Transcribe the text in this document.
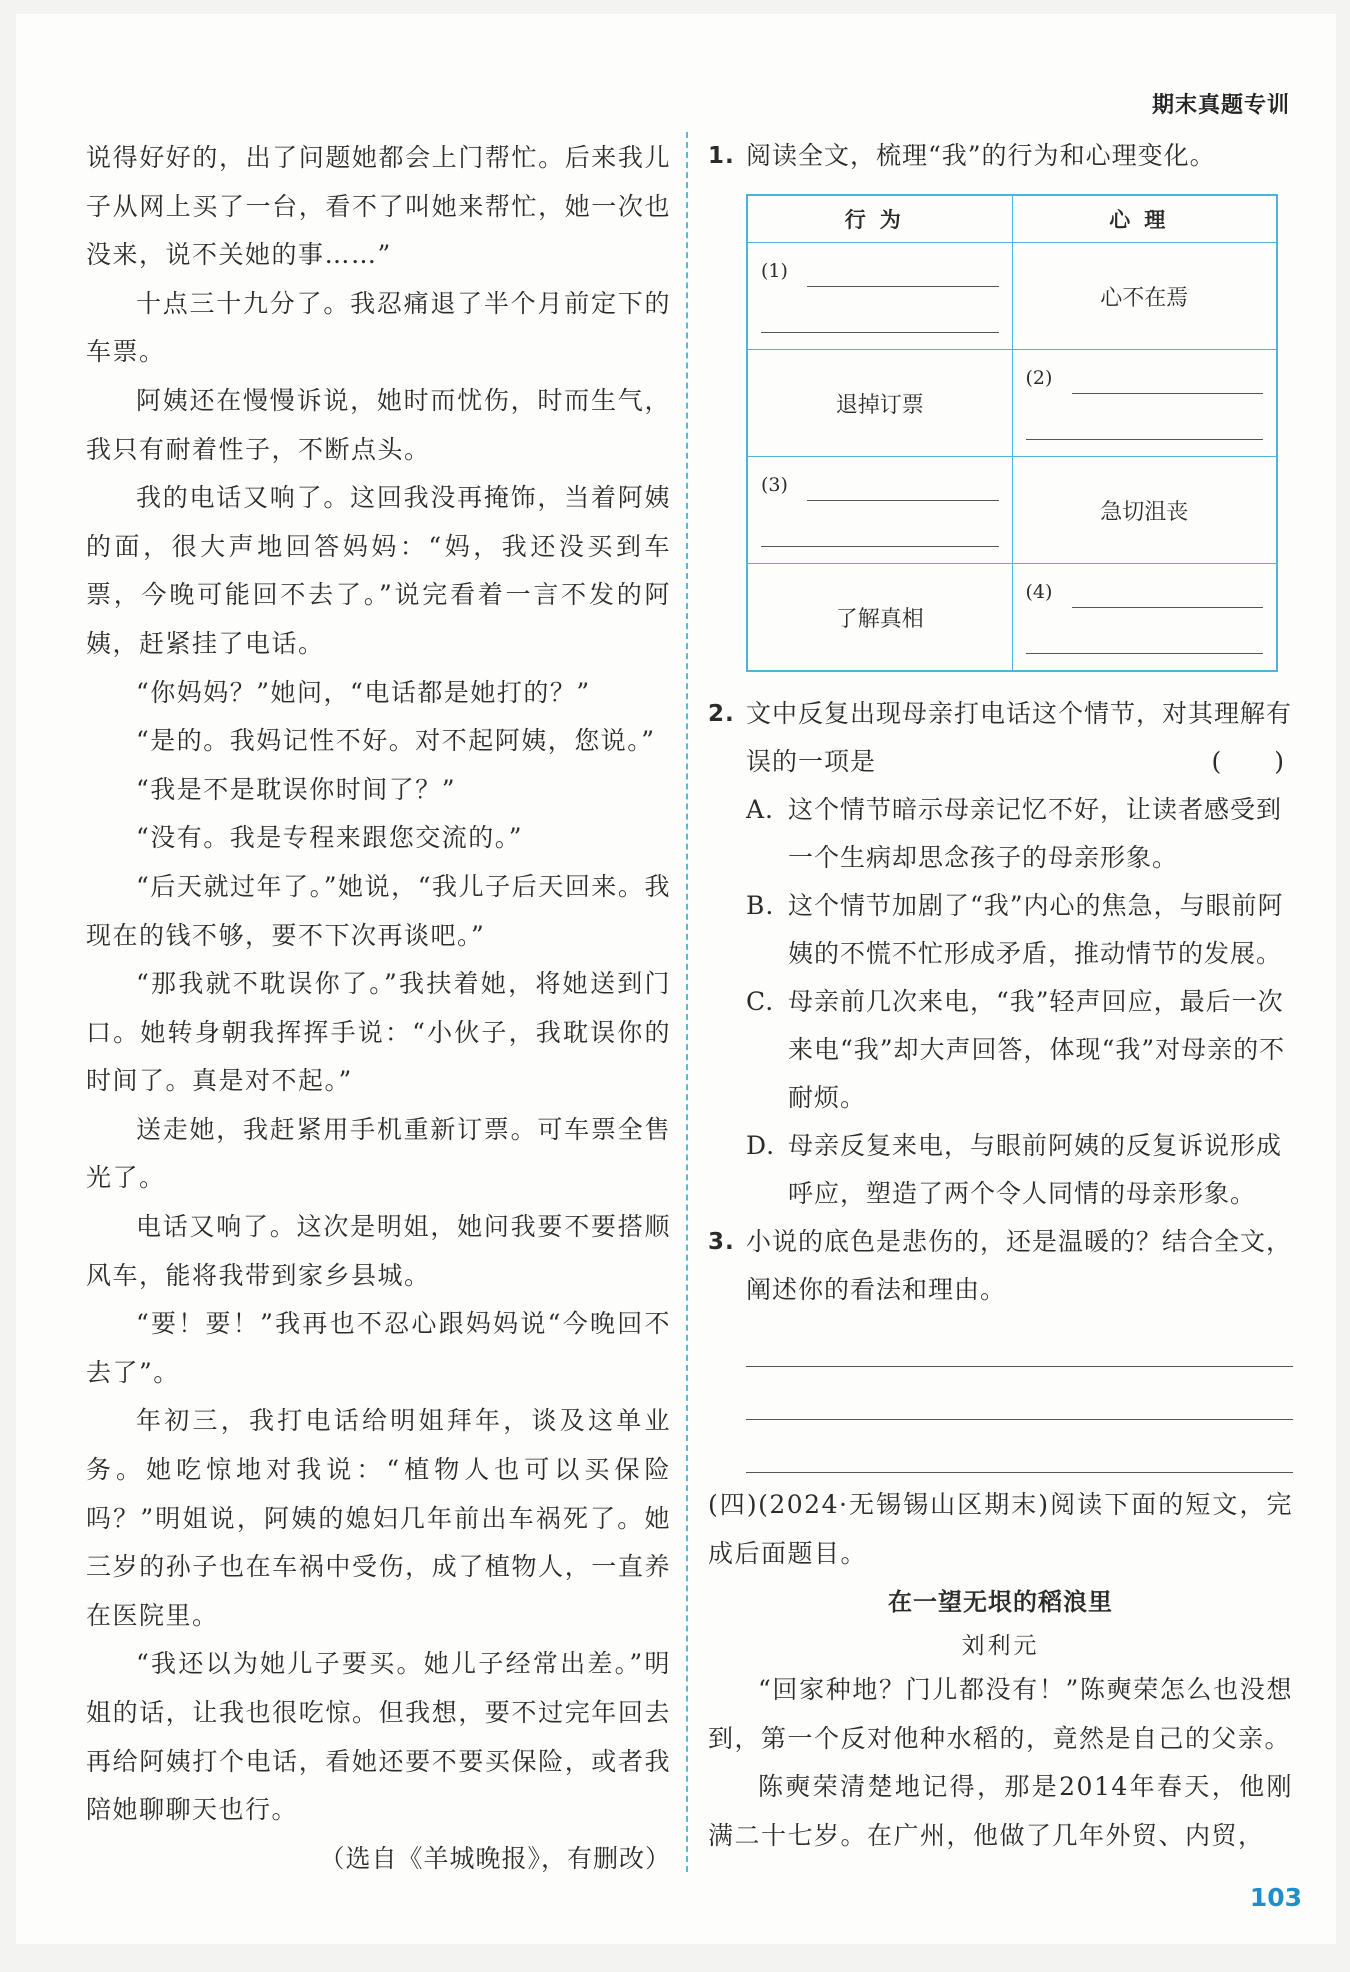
期末真题专训

说得好好的，出了问题她都会上门帮忙。后来我儿子从网上买了一台，看不了叫她来帮忙，她一次也没来，说不关她的事……”

十点三十九分了。我忍痛退了半个月前定下的车票。

阿姨还在慢慢诉说，她时而忧伤，时而生气，我只有耐着性子，不断点头。

我的电话又响了。这回我没再掩饰，当着阿姨的面，很大声地回答妈妈：“妈，我还没买到车票，今晚可能回不去了。”说完看着一言不发的阿姨，赶紧挂了电话。

“你妈妈？”她问，“电话都是她打的？”

“是的。我妈记性不好。对不起阿姨，您说。”

“我是不是耽误你时间了？”

“没有。我是专程来跟您交流的。”

“后天就过年了。”她说，“我儿子后天回来。我现在的钱不够，要不下次再谈吧。”

“那我就不耽误你了。”我扶着她，将她送到门口。她转身朝我挥挥手说：“小伙子，我耽误你的时间了。真是对不起。”

送走她，我赶紧用手机重新订票。可车票全售光了。

电话又响了。这次是明姐，她问我要不要搭顺风车，能将我带到家乡县城。

“要！要！”我再也不忍心跟妈妈说“今晚回不去了”。

年初三，我打电话给明姐拜年，谈及这单业务。她吃惊地对我说：“植物人也可以买保险吗？”明姐说，阿姨的媳妇几年前出车祸死了。她三岁的孙子也在车祸中受伤，成了植物人，一直养在医院里。

“我还以为她儿子要买。她儿子经常出差。”明姐的话，让我也很吃惊。但我想，要不过完年回去再给阿姨打个电话，看她还要不要买保险，或者我陪她聊聊天也行。

（选自《羊城晚报》，有删改）

1. 阅读全文，梳理“我”的行为和心理变化。
行为	心理

(1)	心不在焉
退掉订票	(2)

(3)	急切沮丧
了解真相	(4)
2. 文中反复出现母亲打电话这个情节，对其理解有误的一项是	(　　)
A. 这个情节暗示母亲记忆不好，让读者感受到一个生病却思念孩子的母亲形象。
B. 这个情节加剧了“我”内心的焦急，与眼前阿姨的不慌不忙形成矛盾，推动情节的发展。
C. 母亲前几次来电，“我”轻声回应，最后一次来电“我”却大声回答，体现“我”对母亲的不耐烦。
D. 母亲反复来电，与眼前阿姨的反复诉说形成呼应，塑造了两个令人同情的母亲形象。
3. 小说的底色是悲伤的，还是温暖的？结合全文，阐述你的看法和理由。

(四)(2024·无锡锡山区期末)阅读下面的短文，完成后面题目。

在一望无垠的稻浪里
刘利元

“回家种地？门儿都没有！”陈奭荣怎么也没想到，第一个反对他种水稻的，竟然是自己的父亲。

陈奭荣清楚地记得，那是2014年春天，他刚满二十七岁。在广州，他做了几年外贸、内贸，

103
